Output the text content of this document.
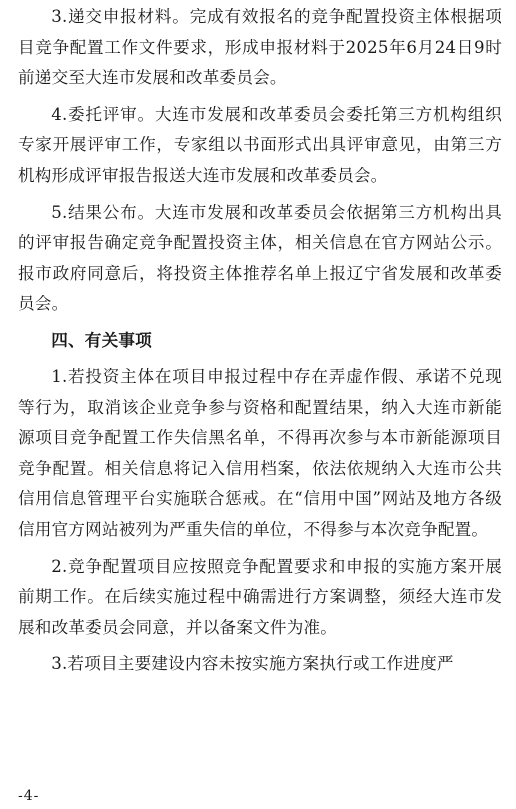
3.递交申报材料。完成有效报名的竞争配置投资主体根据项目竞争配置工作文件要求，形成申报材料于2025年6月24日9时前递交至大连市发展和改革委员会。

4.委托评审。大连市发展和改革委员会委托第三方机构组织专家开展评审工作，专家组以书面形式出具评审意见，由第三方机构形成评审报告报送大连市发展和改革委员会。

5.结果公布。大连市发展和改革委员会依据第三方机构出具的评审报告确定竞争配置投资主体，相关信息在官方网站公示。报市政府同意后，将投资主体推荐名单上报辽宁省发展和改革委员会。

四、有关事项

1.若投资主体在项目申报过程中存在弄虚作假、承诺不兑现等行为，取消该企业竞争参与资格和配置结果，纳入大连市新能源项目竞争配置工作失信黑名单，不得再次参与本市新能源项目竞争配置。相关信息将记入信用档案，依法依规纳入大连市公共信用信息管理平台实施联合惩戒。在“信用中国”网站及地方各级信用官方网站被列为严重失信的单位，不得参与本次竞争配置。

2.竞争配置项目应按照竞争配置要求和申报的实施方案开展前期工作。在后续实施过程中确需进行方案调整，须经大连市发展和改革委员会同意，并以备案文件为准。

3.若项目主要建设内容未按实施方案执行或工作进度严

-4-
